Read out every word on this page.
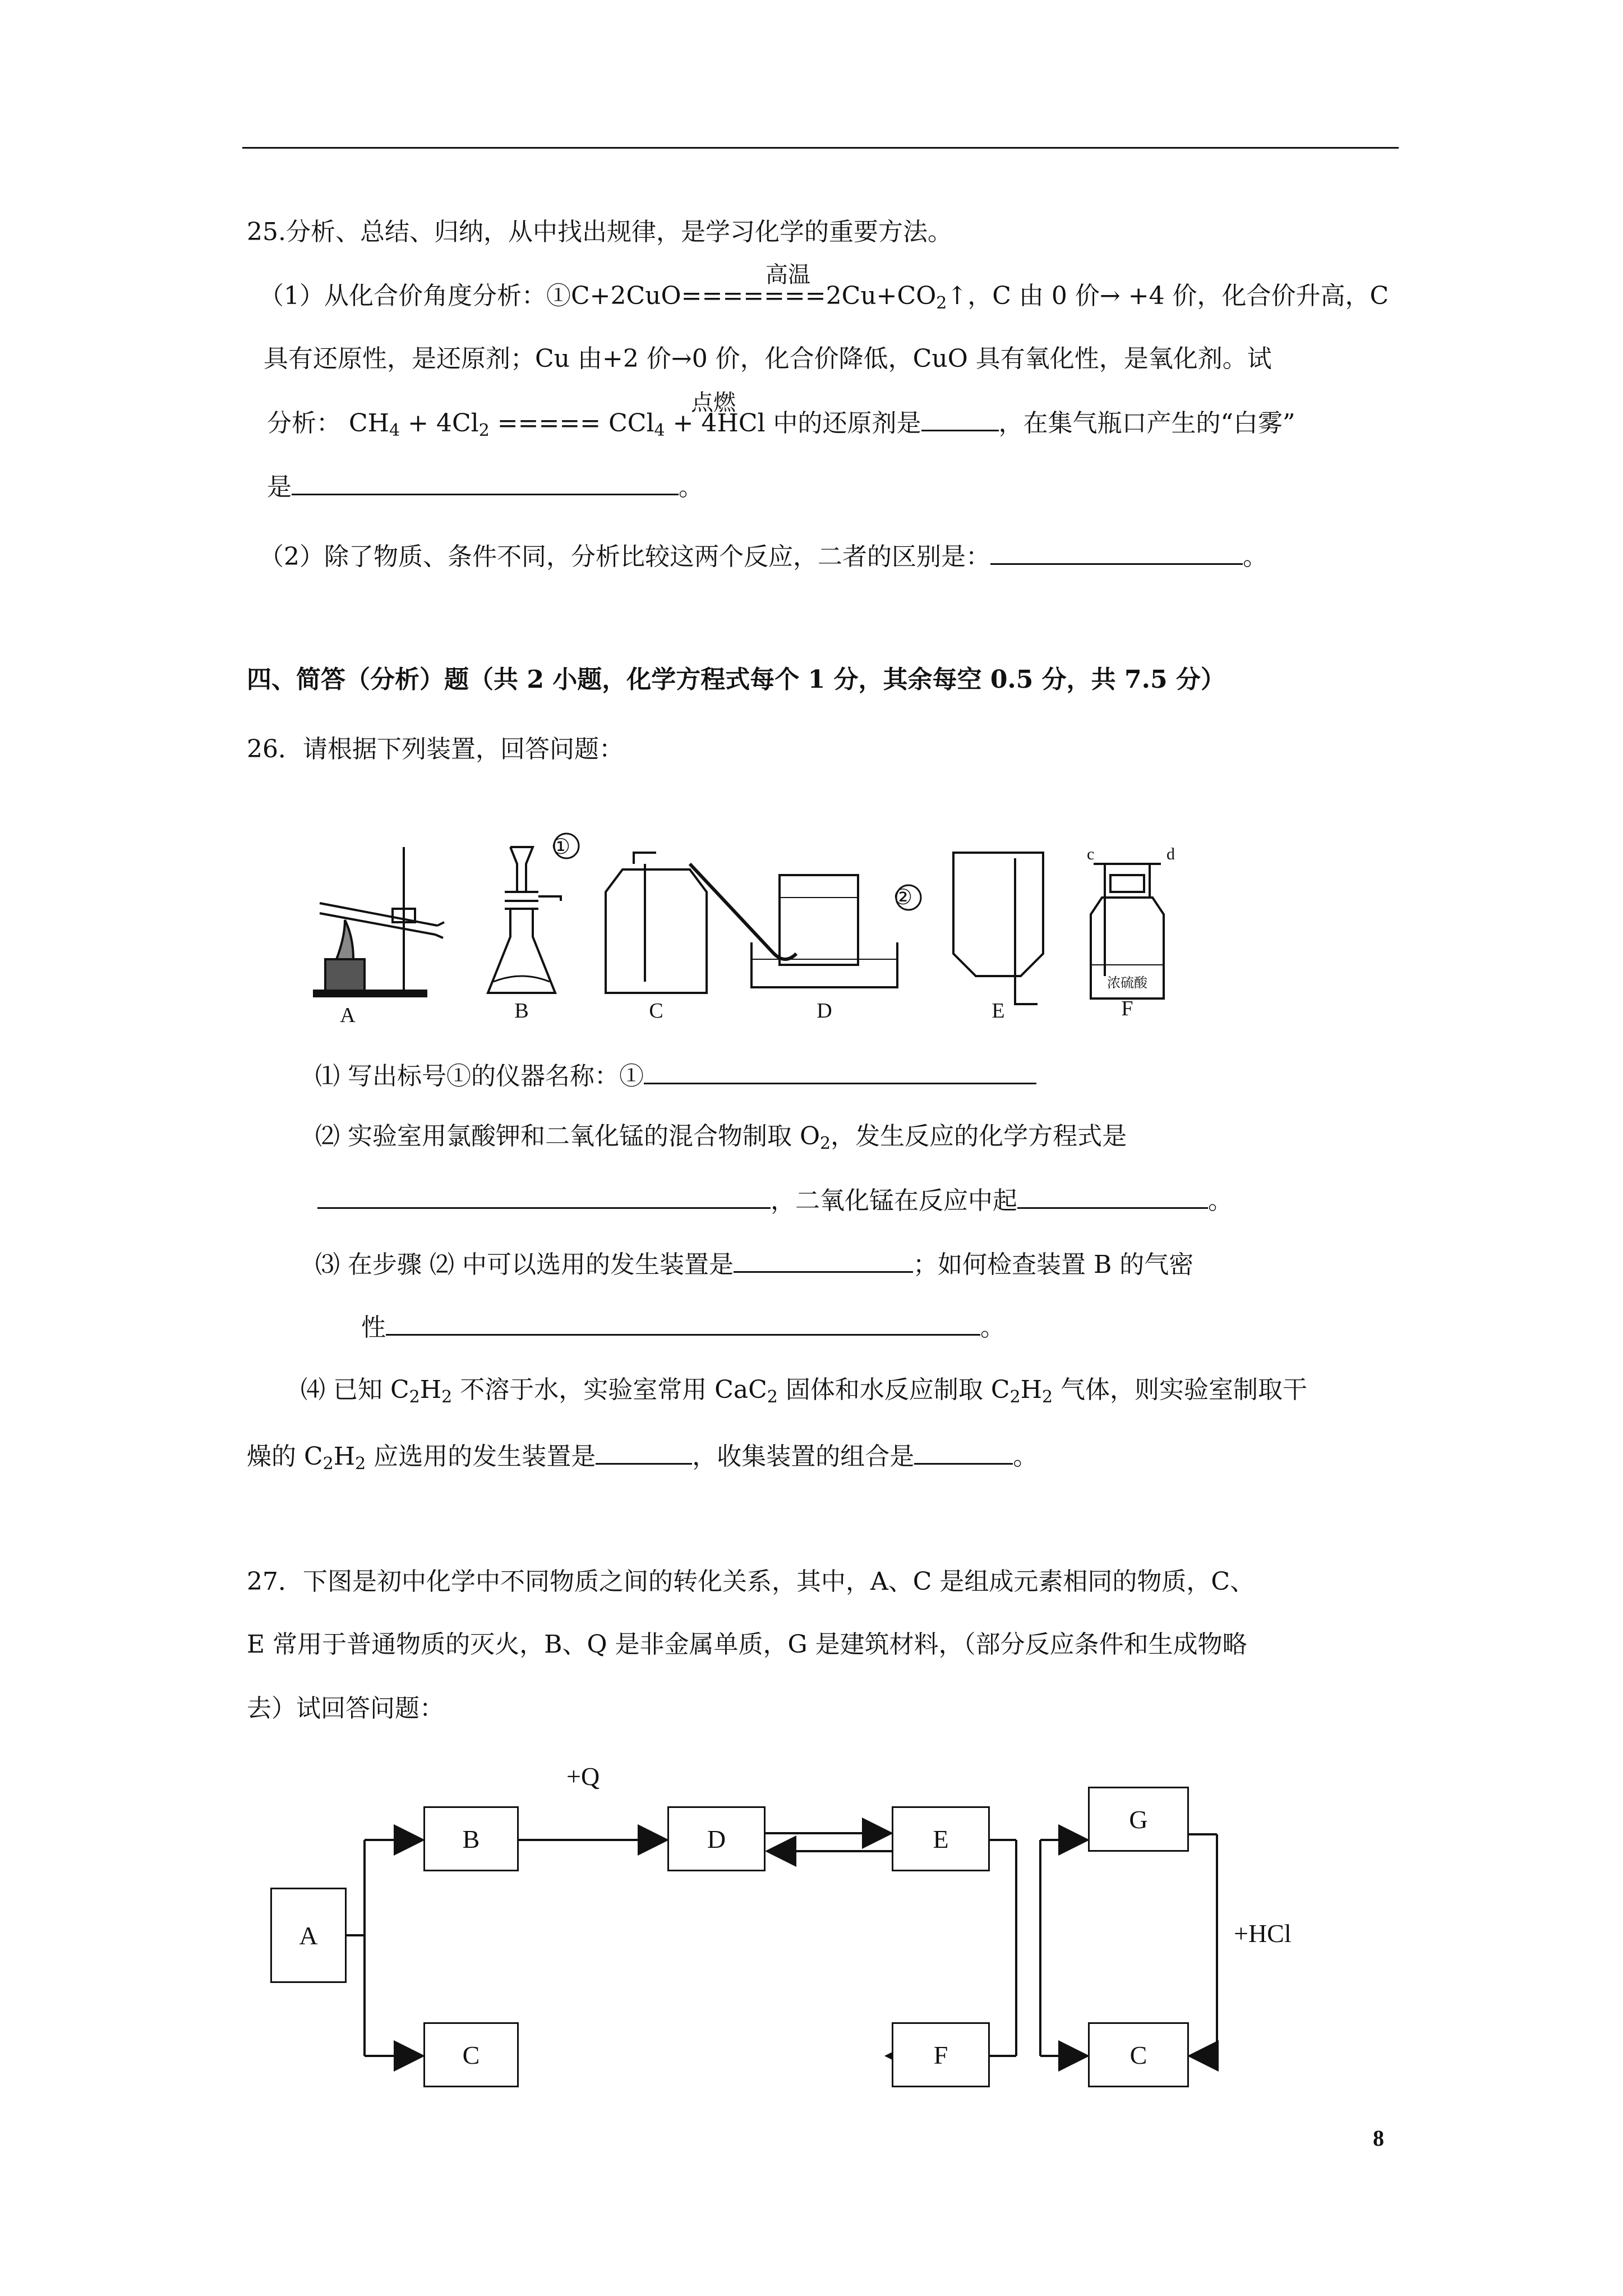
25.分析、总结、归纳，从中找出规律，是学习化学的重要方法。
高温
（1）从化合价角度分析：$①C+2CuO=======2Cu+CO_2↑$，C 由 0 价→ +4 价，化合价升高，C
具有还原性，是还原剂；Cu 由+2 价→0 价，化合价降低，CuO 具有氧化性，是氧化剂。试
点燃
分析： $CH_4 + 4Cl_2$ ===== CCl$_4$ + 4HCl 中的还原剂是	，在集气瓶口产生的“白雾”
是	。
（2）除了物质、条件不同，分析比较这两个反应，二者的区别是：	。
四、简答（分析）题（共 2 小题，化学方程式每个 1 分，其余每空 0.5 分，共 7.5 分）
26．请根据下列装置，回答问题：
①
②
c	d
浓硫酸
A	B	C	D	E	F
⑴ 写出标号①的仪器名称：①
⑵ 实验室用氯酸钾和二氧化锰的混合物制取 $O_2$，发生反应的化学方程式是
，二氧化锰在反应中起	。
⑶ 在步骤 ⑵ 中可以选用的发生装置是	；如何检查装置 B 的气密
性	。
⑷ 已知 $C_2H_2$ 不溶于水，实验室常用 CaC$_2$ 固体和水反应制取 $C_2H_2$ 气体，则实验室制取干
燥的 $C_2H_2$ 应选用的发生装置是	，收集装置的组合是	。
27．下图是初中化学中不同物质之间的转化关系，其中，A、C 是组成元素相同的物质，C、
E 常用于普通物质的灭火，B、Q 是非金属单质，G 是建筑材料，（部分反应条件和生成物略
去）试回答问题：
A
B	D	E
G
C	F	C
+Q
+HCl
8
